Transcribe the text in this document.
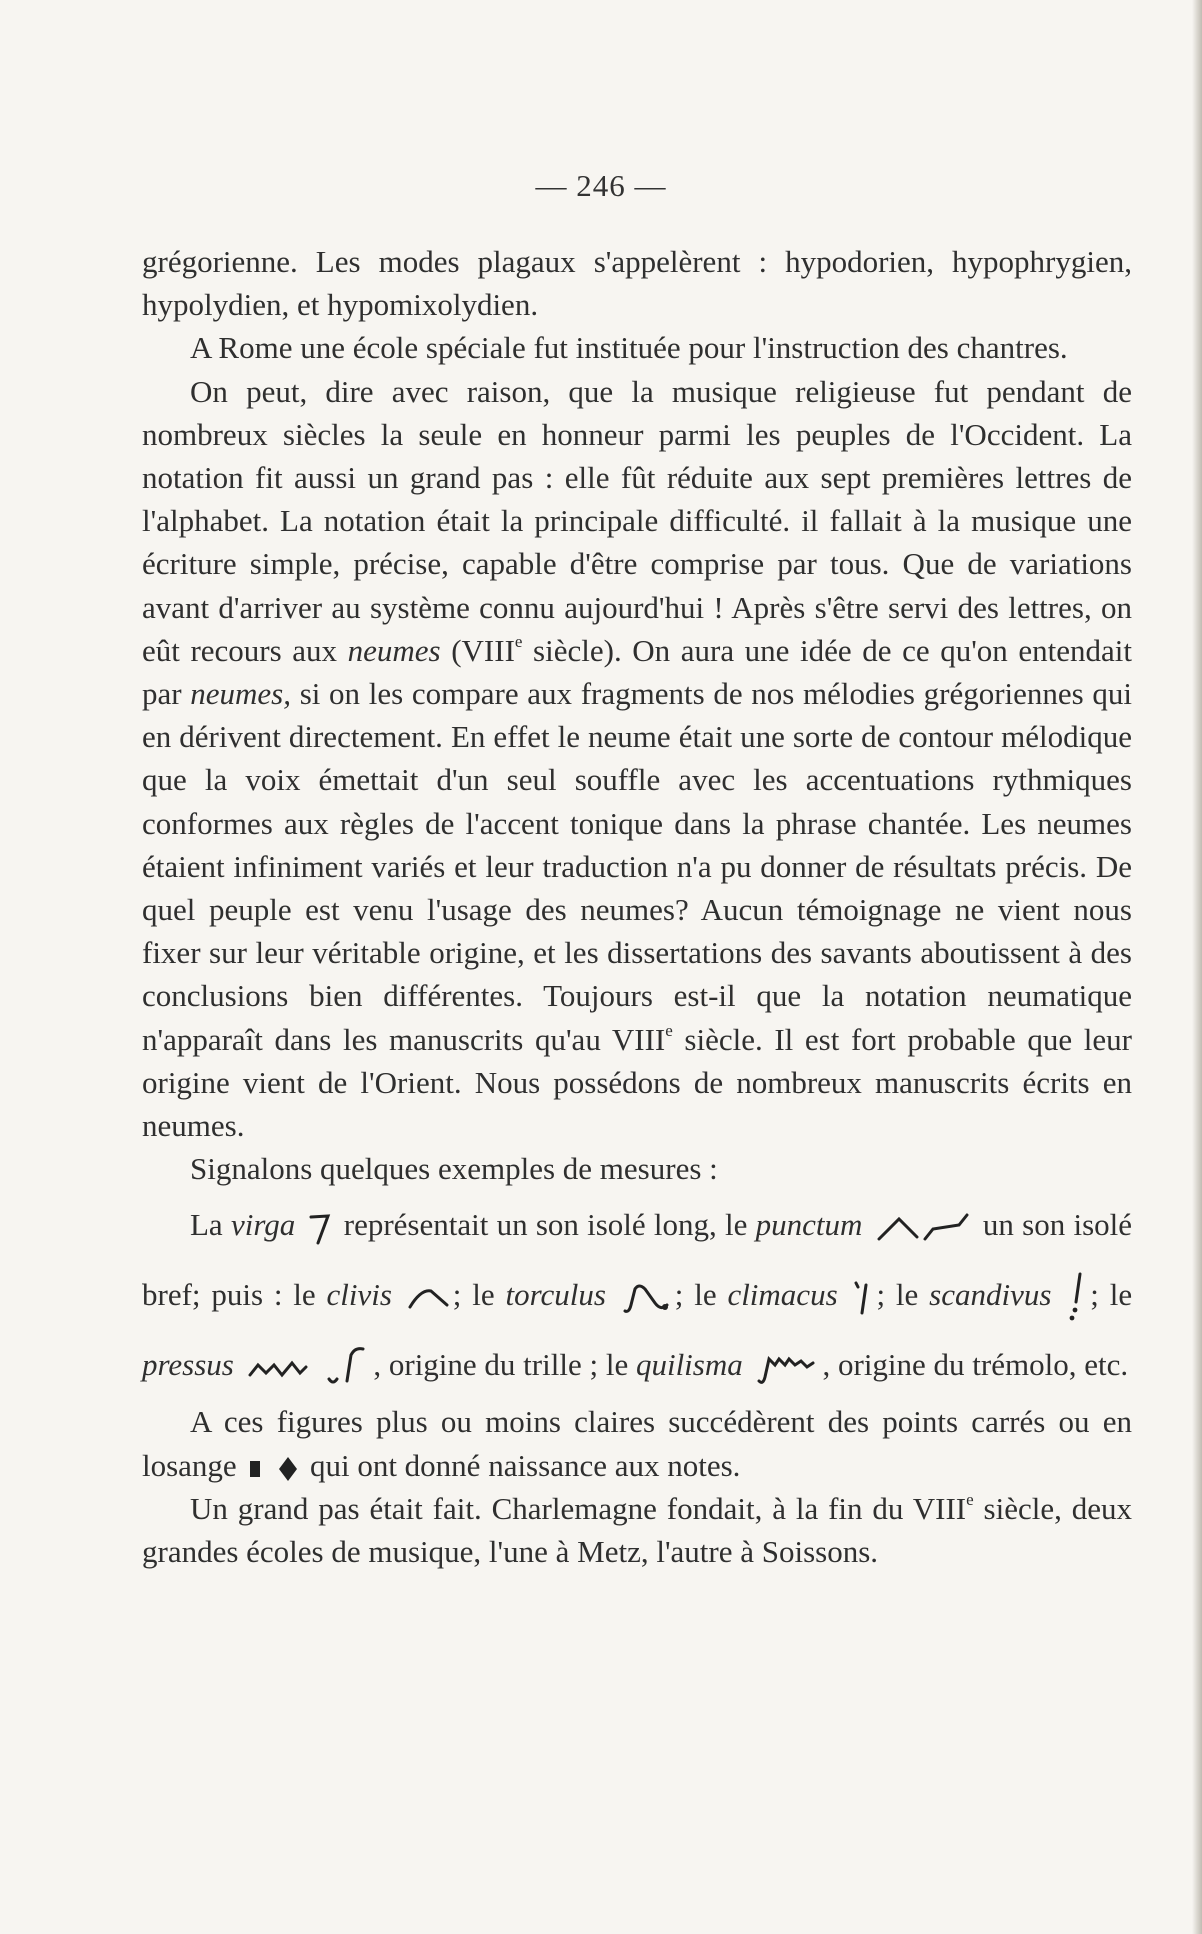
— 246 —

grégorienne. Les modes plagaux s'appelèrent : hypodorien, hypophrygien, hypolydien, et hypomixolydien.

A Rome une école spéciale fut instituée pour l'instruction des chantres.

On peut, dire avec raison, que la musique religieuse fut pendant de nombreux siècles la seule en honneur parmi les peuples de l'Occident. La notation fit aussi un grand pas : elle fût réduite aux sept premières lettres de l'alphabet. La notation était la principale difficulté. il fallait à la musique une écriture simple, précise, capable d'être comprise par tous. Que de variations avant d'arriver au système connu aujourd'hui ! Après s'être servi des lettres, on eût recours aux neumes (VIIIe siècle). On aura une idée de ce qu'on entendait par neumes, si on les compare aux fragments de nos mélodies grégoriennes qui en dérivent directement. En effet le neume était une sorte de contour mélodique que la voix émettait d'un seul souffle avec les accentuations rythmiques conformes aux règles de l'accent tonique dans la phrase chantée. Les neumes étaient infiniment variés et leur traduction n'a pu donner de résultats précis. De quel peuple est venu l'usage des neumes? Aucun témoignage ne vient nous fixer sur leur véritable origine, et les dissertations des savants aboutissent à des conclusions bien différentes. Toujours est-il que la notation neumatique n'apparaît dans les manuscrits qu'au VIIIe siècle. Il est fort probable que leur origine vient de l'Orient. Nous possédons de nombreux manuscrits écrits en neumes.

Signalons quelques exemples de mesures :

La virga représentait un son isolé long, le punctum	un son isolé bref; puis : le clivis ; le torculus ; le climacus ; le scandivus ; le pressus
	, origine du trille ; le quilisma	, origine du trémolo, etc.

A ces figures plus ou moins claires succédèrent des points carrés ou en losange
qui ont donné naissance aux notes.

Un grand pas était fait. Charlemagne fondait, à la fin du VIIIe siècle, deux grandes écoles de musique, l'une à Metz, l'autre à Soissons.
